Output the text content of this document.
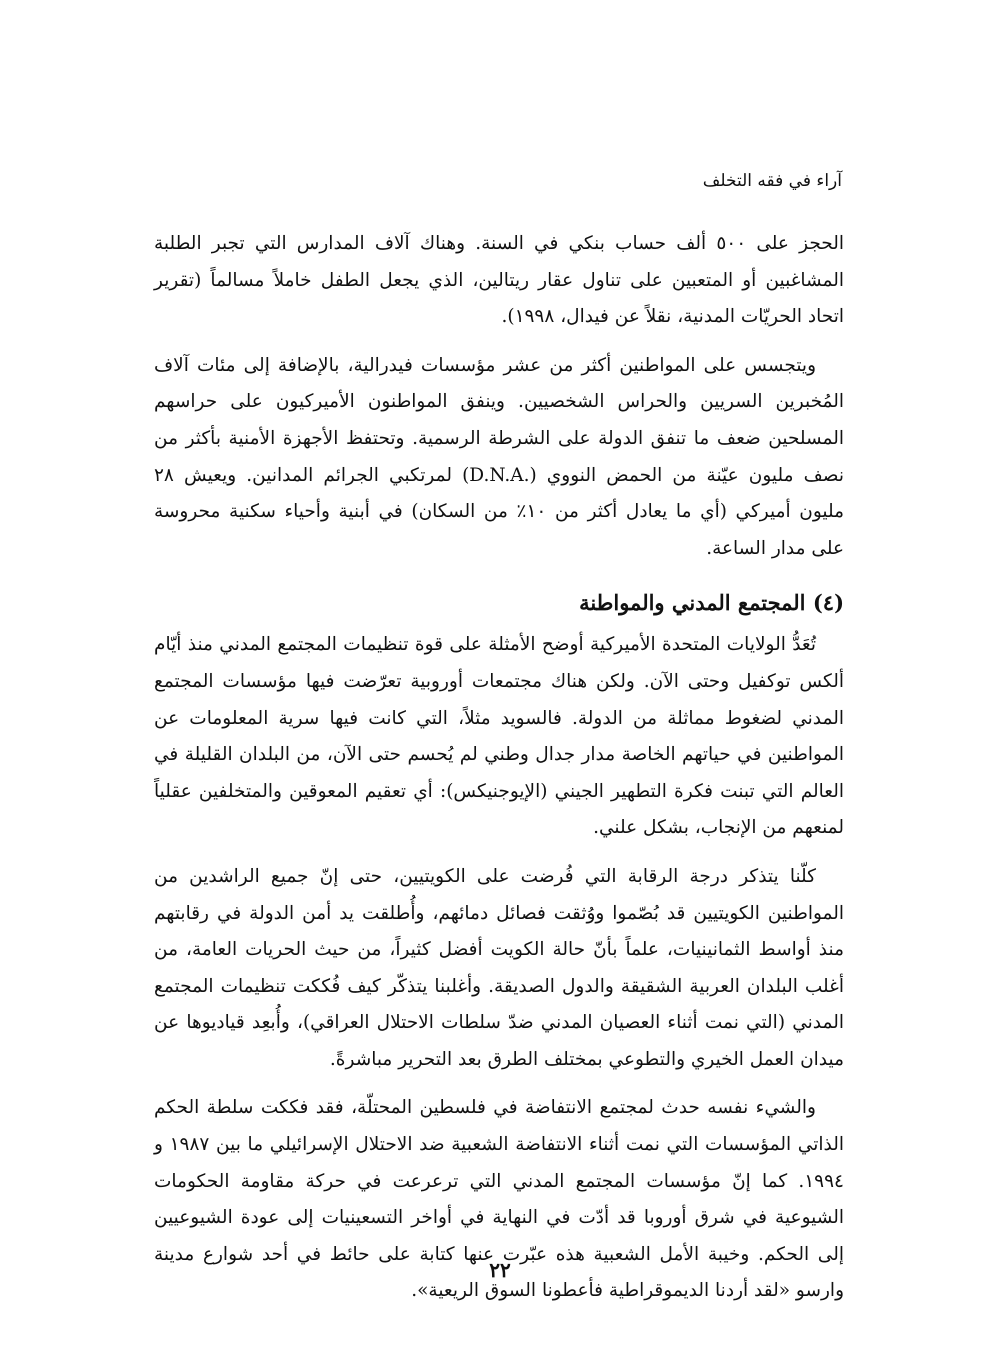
آراء في فقه التخلف

الحجز على ٥٠٠ ألف حساب بنكي في السنة. وهناك آلاف المدارس التي تجبر الطلبة المشاغبين أو المتعبين على تناول عقار ريتالين، الذي يجعل الطفل خاملاً مسالماً (تقرير اتحاد الحريّات المدنية، نقلاً عن فيدال، ١٩٩٨).

ويتجسس على المواطنين أكثر من عشر مؤسسات فيدرالية، بالإضافة إلى مئات آلاف المُخبرين السريين والحراس الشخصيين. وينفق المواطنون الأميركيون على حراسهم المسلحين ضعف ما تنفق الدولة على الشرطة الرسمية. وتحتفظ الأجهزة الأمنية بأكثر من نصف مليون عيّنة من الحمض النووي (.D.N.A) لمرتكبي الجرائم المدانين. ويعيش ٢٨ مليون أميركي (أي ما يعادل أكثر من ١٠٪ من السكان) في أبنية وأحياء سكنية محروسة على مدار الساعة.

(٤) المجتمع المدني والمواطنة

تُعَدُّ الولايات المتحدة الأميركية أوضح الأمثلة على قوة تنظيمات المجتمع المدني منذ أيّام ألكس توكفيل وحتى الآن. ولكن هناك مجتمعات أوروبية تعرّضت فيها مؤسسات المجتمع المدني لضغوط مماثلة من الدولة. فالسويد مثلاً، التي كانت فيها سرية المعلومات عن المواطنين في حياتهم الخاصة مدار جدال وطني لم يُحسم حتى الآن، من البلدان القليلة في العالم التي تبنت فكرة التطهير الجيني (الإيوجنيكس): أي تعقيم المعوقين والمتخلفين عقلياً لمنعهم من الإنجاب، بشكل علني.

كلّنا يتذكر درجة الرقابة التي فُرضت على الكويتيين، حتى إنّ جميع الراشدين من المواطنين الكويتيين قد بُصّموا ووُثقت فصائل دمائهم، وأُطلقت يد أمن الدولة في رقابتهم منذ أواسط الثمانينيات، علماً بأنّ حالة الكويت أفضل كثيراً، من حيث الحريات العامة، من أغلب البلدان العربية الشقيقة والدول الصديقة. وأغلبنا يتذكّر كيف فُككت تنظيمات المجتمع المدني (التي نمت أثناء العصيان المدني ضدّ سلطات الاحتلال العراقي)، وأُبعِد قياديوها عن ميدان العمل الخيري والتطوعي بمختلف الطرق بعد التحرير مباشرةً.

والشيء نفسه حدث لمجتمع الانتفاضة في فلسطين المحتلّة، فقد فككت سلطة الحكم الذاتي المؤسسات التي نمت أثناء الانتفاضة الشعبية ضد الاحتلال الإسرائيلي ما بين ١٩٨٧ و ١٩٩٤. كما إنّ مؤسسات المجتمع المدني التي ترعرعت في حركة مقاومة الحكومات الشيوعية في شرق أوروبا قد أدّت في النهاية في أواخر التسعينيات إلى عودة الشيوعيين إلى الحكم. وخيبة الأمل الشعبية هذه عبّرت عنها كتابة على حائط في أحد شوارع مدينة وارسو «لقد أردنا الديموقراطية فأعطونا السوق الريعية».

٢٢
